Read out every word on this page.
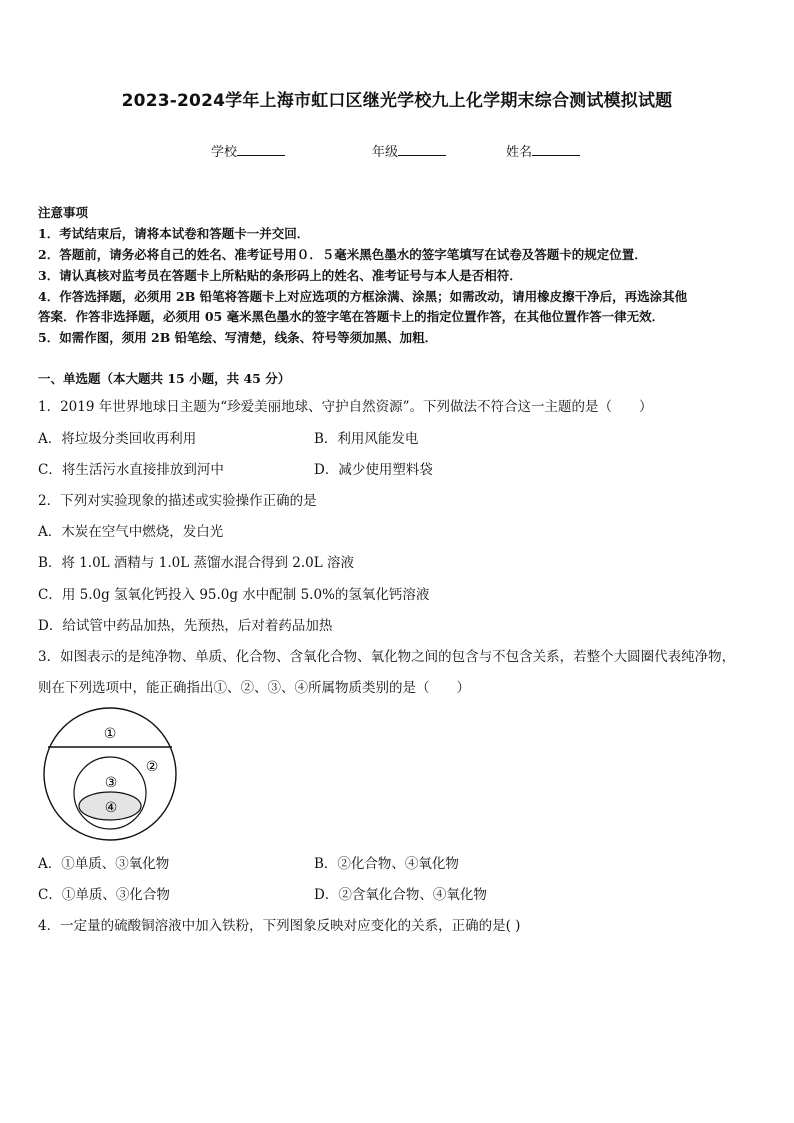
2023-2024学年上海市虹口区继光学校九上化学期末综合测试模拟试题
学校	年级	姓名
注意事项
1．考试结束后，请将本试卷和答题卡一并交回．
2．答题前，请务必将自己的姓名、准考证号用０．５毫米黑色墨水的签字笔填写在试卷及答题卡的规定位置．
3．请认真核对监考员在答题卡上所粘贴的条形码上的姓名、准考证号与本人是否相符．
4．作答选择题，必须用 2B 铅笔将答题卡上对应选项的方框涂满、涂黑；如需改动，请用橡皮擦干净后，再选涂其他
答案．作答非选择题，必须用 05 毫米黑色墨水的签字笔在答题卡上的指定位置作答，在其他位置作答一律无效．
5．如需作图，须用 2B 铅笔绘、写清楚，线条、符号等须加黑、加粗．
一、单选题（本大题共 15 小题，共 45 分）
1．2019 年世界地球日主题为“珍爱美丽地球、守护自然资源”。下列做法不符合这一主题的是（　　）
A．将垃圾分类回收再利用	B．利用风能发电
C．将生活污水直接排放到河中	D．减少使用塑料袋
2．下列对实验现象的描述或实验操作正确的是
A．木炭在空气中燃烧，发白光
B．将 1.0L 酒精与 1.0L 蒸馏水混合得到 2.0L 溶液
C．用 5.0g 氢氧化钙投入 95.0g 水中配制 5.0%的氢氧化钙溶液
D．给试管中药品加热，先预热，后对着药品加热
3．如图表示的是纯净物、单质、化合物、含氧化合物、氧化物之间的包含与不包含关系，若整个大圆圈代表纯净物，
则在下列选项中，能正确指出①、②、③、④所属物质类别的是（　　）
①
②
③
④
A．①单质、③氧化物	B．②化合物、④氧化物
C．①单质、③化合物	D．②含氧化合物、④氧化物
4．一定量的硫酸铜溶液中加入铁粉，下列图象反映对应变化的关系，正确的是( )
